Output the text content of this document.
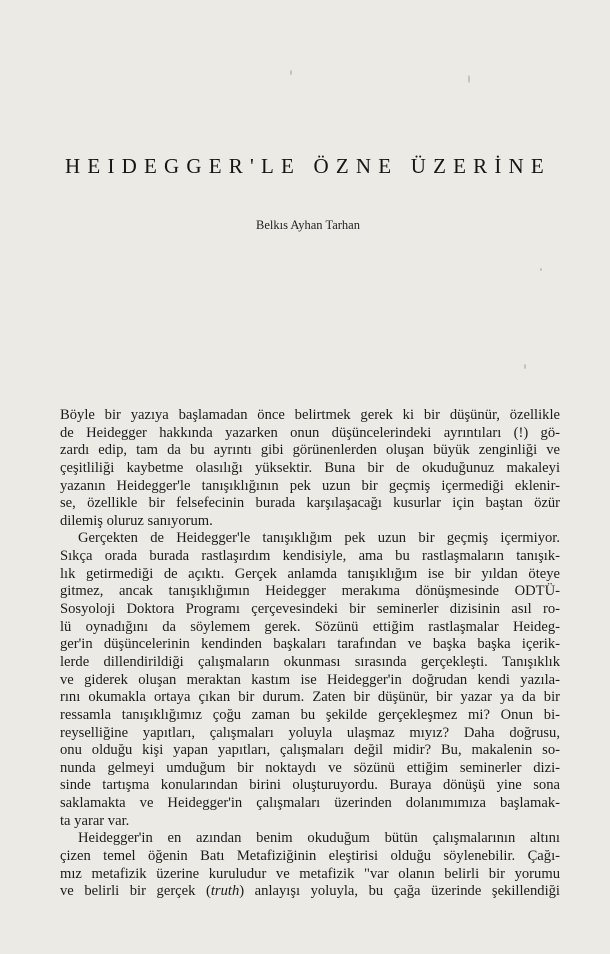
HEIDEGGER'LE ÖZNE ÜZERİNE
Belkıs Ayhan Tarhan
Böyle bir yazıya başlamadan önce belirtmek gerek ki bir düşünür, özellikle
de Heidegger hakkında yazarken onun düşüncelerindeki ayrıntıları (!) gö-
zardı edip, tam da bu ayrıntı gibi görünenlerden oluşan büyük zenginliği ve
çeşitliliği kaybetme olasılığı yüksektir. Buna bir de okuduğunuz makaleyi
yazanın Heidegger'le tanışıklığının pek uzun bir geçmiş içermediği eklenir-
se, özellikle bir felsefecinin burada karşılaşacağı kusurlar için baştan özür
dilemiş oluruz sanıyorum.
Gerçekten de Heidegger'le tanışıklığım pek uzun bir geçmiş içermiyor.
Sıkça orada burada rastlaşırdım kendisiyle, ama bu rastlaşmaların tanışık-
lık getirmediği de açıktı. Gerçek anlamda tanışıklığım ise bir yıldan öteye
gitmez, ancak tanışıklığımın Heidegger merakıma dönüşmesinde ODTÜ-
Sosyoloji Doktora Programı çerçevesindeki bir seminerler dizisinin asıl ro-
lü oynadığını da söylemem gerek. Sözünü ettiğim rastlaşmalar Heideg-
ger'in düşüncelerinin kendinden başkaları tarafından ve başka başka içerik-
lerde dillendirildiği çalışmaların okunması sırasında gerçekleşti. Tanışıklık
ve giderek oluşan meraktan kastım ise Heidegger'in doğrudan kendi yazıla-
rını okumakla ortaya çıkan bir durum. Zaten bir düşünür, bir yazar ya da bir
ressamla tanışıklığımız çoğu zaman bu şekilde gerçekleşmez mi? Onun bi-
reyselliğine yapıtları, çalışmaları yoluyla ulaşmaz mıyız? Daha doğrusu,
onu olduğu kişi yapan yapıtları, çalışmaları değil midir? Bu, makalenin so-
nunda gelmeyi umduğum bir noktaydı ve sözünü ettiğim seminerler dizi-
sinde tartışma konularından birini oluşturuyordu. Buraya dönüşü yine sona
saklamakta ve Heidegger'in çalışmaları üzerinden dolanımımıza başlamak-
ta yarar var.
Heidegger'in en azından benim okuduğum bütün çalışmalarının altını
çizen temel öğenin Batı Metafiziğinin eleştirisi olduğu söylenebilir. Çağı-
mız metafizik üzerine kuruludur ve metafizik "var olanın belirli bir yorumu
ve belirli bir gerçek (truth) anlayışı yoluyla, bu çağa üzerinde şekillendiği
